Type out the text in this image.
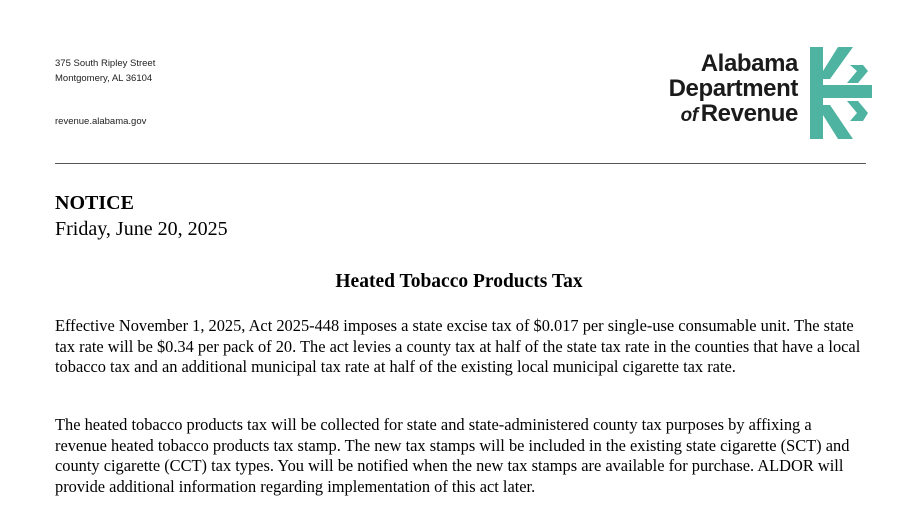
375 South Ripley Street
Montgomery, AL 36104
revenue.alabama.gov
Alabama
Department
of Revenue
NOTICE
Friday, June 20, 2025
Heated Tobacco Products Tax

Effective November 1, 2025, Act 2025-448 imposes a state excise tax of $0.017 per single-use consumable unit. The state tax rate will be $0.34 per pack of 20. The act levies a county tax at half of the state tax rate in the counties that have a local tobacco tax and an additional municipal tax rate at half of the existing local municipal cigarette tax rate.

The heated tobacco products tax will be collected for state and state-administered county tax purposes by affixing a revenue heated tobacco products tax stamp. The new tax stamps will be included in the existing state cigarette (SCT) and county cigarette (CCT) tax types. You will be notified when the new tax stamps are available for purchase. ALDOR will provide additional information regarding implementation of this act later.
